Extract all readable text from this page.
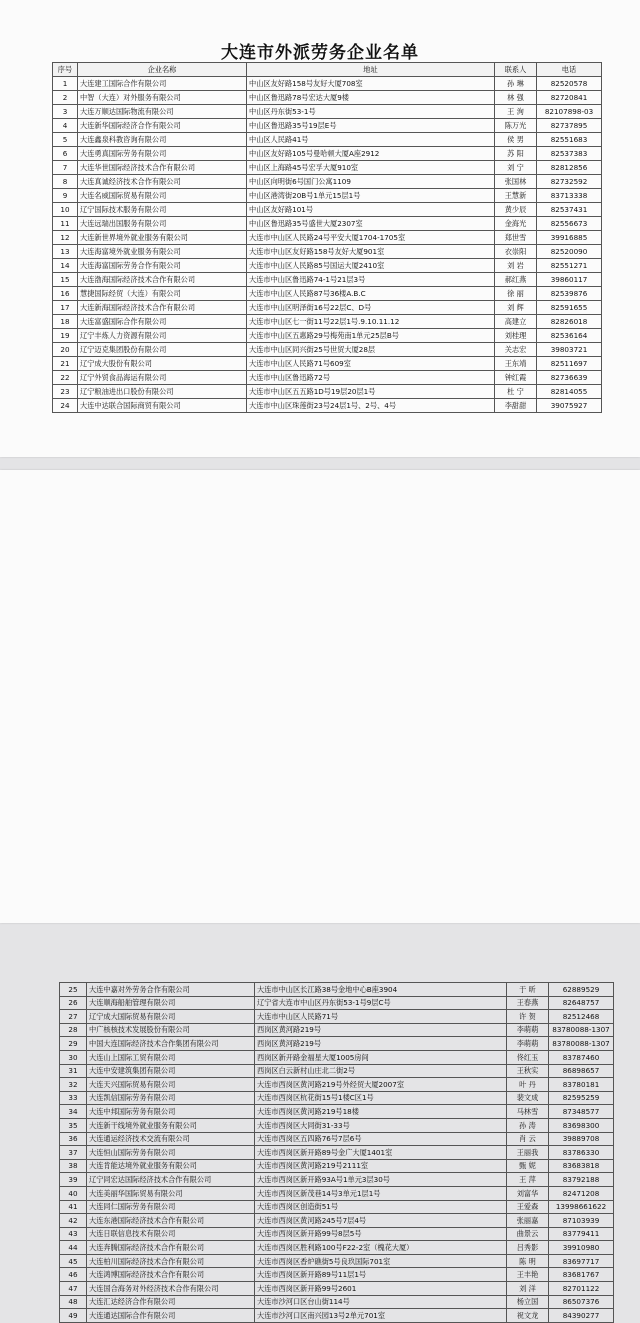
大连市外派劳务企业名单
序号	企业名称	地址	联系人	电话
1	大连建工国际合作有限公司	中山区友好路158号友好大厦708室	孙 琳	82520578
2	中智（大连）对外服务有限公司	中山区鲁迅路78号宏达大厦9楼	林 强	82720841
3	大连万顺达国际物流有限公司	中山区丹东街53-1号	王 洵	82107898-03
4	大连新华国际经济合作有限公司	中山区鲁迅路35号19层E号	陈万光	82737895
5	大连鑫泉科教咨询有限公司	中山区人民路41号	侯 男	82551683
6	大连勇真国际劳务有限公司	中山区友好路105号曼哈顿大厦A座2912	苏 阳	82537383
7	大连华世国际经济技术合作有限公司	中山区上海路45号宏孚大厦910室	刘 宁	82812856
8	大连真诚经济技术合作有限公司	中山区向明街6号国门公寓1109	张国林	82732592
9	大连名威国际贸易有限公司	中山区港湾街20B号1单元15层1号	王慧新	83713338
10	辽宁国际技术服务有限公司	中山区友好路101号	黄少辰	82537431
11	大连远瑞出国服务有限公司	中山区鲁迅路35号盛世大厦2307室	金海光	82556673
12	大连新世界境外就业服务有限公司	大连市中山区人民路24号平安大厦1704-1705室	郑世雪	39916885
13	大连海富境外就业服务有限公司	大连市中山区友好路158号友好大厦901室	衣崇阳	82520090
14	大连海富国际劳务合作有限公司	大连市中山区人民路85号国运大厦2410室	刘 岩	82551271
15	大连渤海国际经济技术合作有限公司	大连市中山区鲁迅路74-1号21层3号	郝红燕	39860117
16	慧捷国际经贸（大连）有限公司	大连市中山区人民路87号36楼A.B.C	徐 丽	82539876
17	大连新海国际经济技术合作有限公司	大连市中山区明泽街16号22层C、D号	刘 辉	82591655
18	大连富盛国际合作有限公司	大连市中山区七一街11号22层1号.9.10.11.12	高建立	82826018
19	辽宁丰炼人力资源有限公司	大连市中山区五惠路29号梅苑南1单元25层B号	刘桂理	82536164
20	辽宁迈克集团股份有限公司	大连市中山区同兴街25号世贸大厦28层	关志宏	39803721
21	辽宁成大股份有限公司	大连市中山区人民路71号609室	王东靖	82511697
22	辽宁外贸食品海运有限公司	大连市中山区鲁迅路72号	钟红霞	82736639
23	辽宁粮油进出口股份有限公司	大连市中山区五五路1D号19层20层1号	杜 宁	82814055
24	大连中达联合国际商贸有限公司	大连市中山区珠莲街23号24层1号、2号、4号	李甜甜	39075927
25	大连中嘉对外劳务合作有限公司	大连市中山区长江路38号金地中心B座3904	于 昕	62889529
26	大连顺海船舶管理有限公司	辽宁省大连市中山区丹东街53-1号9层C号	王春燕	82648757
27	辽宁成大国际贸易有限公司	大连市中山区人民路71号	许 贺	82512468
28	中广核核技术发展股份有限公司	西岗区黄河路219号	李萌萌	83780088-1307
29	中国大连国际经济技术合作集团有限公司	西岗区黄河路219号	李萌萌	83780088-1307
30	大连山上国际工贸有限公司	西岗区新开路金福星大厦1005房间	佟红玉	83787460
31	大连中安建筑集团有限公司	西岗区白云新村山庄北二街2号	王秋实	86898657
32	大连天兴国际贸易有限公司	大连市西岗区黄河路219号外经贸大厦2007室	叶 丹	83780181
33	大连凯信国际劳务有限公司	大连市西岗区杭花街15号1楼C区1号	裴文成	82595259
34	大连中邦国际劳务有限公司	大连市西岗区黄河路219号18楼	马林雪	87348577
35	大连新干线境外就业服务有限公司	大连市西岗区大同街31-33号	孙 涛	83698300
36	大连通运经济技术交流有限公司	大连市西岗区五四路76号7层6号	肖 云	39889708
37	大连恒山国际劳务有限公司	大连市西岗区新开路89号金广大厦1401室	王丽我	83786330
38	大连肯能达境外就业服务有限公司	大连市西岗区黄河路219号2111室	甄 妮	83683818
39	辽宁同宏达国际经济技术合作有限公司	大连市西岗区新开路93A号1单元3层30号	王 萍	83792188
40	大连美丽华国际贸易有限公司	大连市西岗区新茂巷14号3单元1层1号	刘富华	82471208
41	大连同仁国际劳务有限公司	大连市西岗区创造街51号	王爱森	13998661622
42	大连东港国际经济技术合作有限公司	大连市西岗区黄河路245号7层4号	张丽嘉	87103939
43	大连日联信息技术有限公司	大连市西岗区新开路99号8层5号	曲景云	83779411
44	大连奔腾国际经济技术合作有限公司	大连市西岗区胜利路100号F22-2室（槐花大厦）	吕秀影	39910980
45	大连柏川国际经济技术合作有限公司	大连市西岗区香炉礁街5号良玖国际701室	陈 明	83697717
46	大连鸿博国际经济技术合作有限公司	大连市西岗区新开路89号11层1号	王丰艳	83681767
47	大连国合海务对外经济技术合作有限公司	大连市西岗区新开路99号2601	刘 洋	82701122
48	大连汇达经济合作有限公司	大连市沙河口区台山街114号	杨立国	86507376
49	大连通达国际合作有限公司	大连市沙河口区南兴园13号2单元701室	祝文龙	84390277
